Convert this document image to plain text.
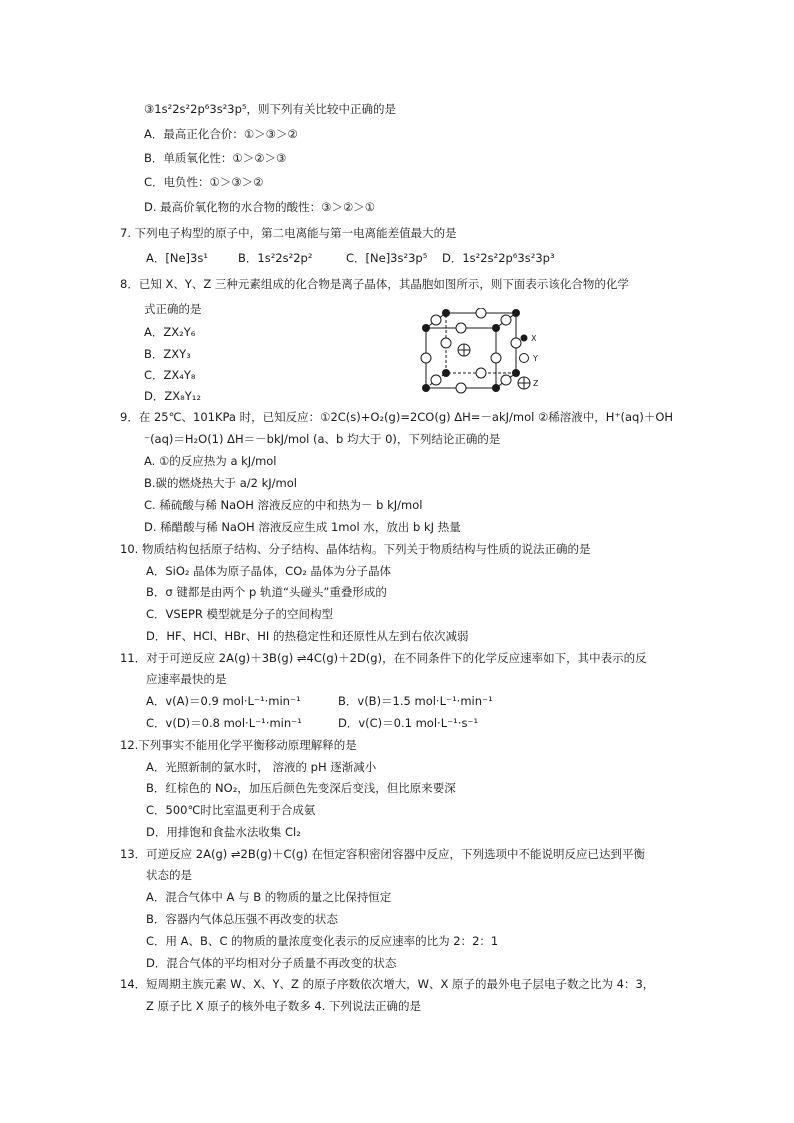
③1s²2s²2p⁶3s²3p⁵，则下列有关比较中正确的是
A．最高正化合价：①＞③＞②
B．单质氧化性：①＞②＞③
C．电负性：①＞③＞②
D. 最高价氧化物的水合物的酸性：③＞②＞①
7. 下列电子构型的原子中，第二电离能与第一电离能差值最大的是
A．[Ne]3s¹	B．1s²2s²2p²	C．[Ne]3s²3p⁵ D．1s²2s²2p⁶3s²3p³
8．已知 X、Y、Z 三种元素组成的化合物是离子晶体，其晶胞如图所示，则下面表示该化合物的化学
式正确的是
A．ZX₂Y₆
B．ZXY₃
C．ZX₄Y₈
D．ZX₈Y₁₂
X
Y
Z
9．在 25℃、101KPa 时，已知反应：①2C(s)+O₂(g)=2CO(g) ΔH=－akJ/mol ②稀溶液中，H⁺(aq)＋OH
⁻(aq)＝H₂O(1) ΔH＝－bkJ/mol (a、b 均大于 0)，下列结论正确的是
A. ①的反应热为 a kJ/mol
B.碳的燃烧热大于 a/2 kJ/mol
C. 稀硫酸与稀 NaOH 溶液反应的中和热为－ b kJ/mol
D. 稀醋酸与稀 NaOH 溶液反应生成 1mol 水，放出 b kJ 热量
10. 物质结构包括原子结构、分子结构、晶体结构。下列关于物质结构与性质的说法正确的是
A．SiO₂ 晶体为原子晶体，CO₂ 晶体为分子晶体
B．σ 键都是由两个 p 轨道“头碰头”重叠形成的
C．VSEPR 模型就是分子的空间构型
D．HF、HCl、HBr、HI 的热稳定性和还原性从左到右依次减弱
11．对于可逆反应 2A(g)＋3B(g) ⇌4C(g)＋2D(g)，在不同条件下的化学反应速率如下，其中表示的反
应速率最快的是
A．v(A)＝0.9 mol·L⁻¹·min⁻¹	B．v(B)＝1.5 mol·L⁻¹·min⁻¹
C．v(D)＝0.8 mol·L⁻¹·min⁻¹	D．v(C)＝0.1 mol·L⁻¹·s⁻¹
12.下列事实不能用化学平衡移动原理解释的是
A．光照新制的氯水时， 溶液的 pH 逐渐减小
B．红棕色的 NO₂，加压后颜色先变深后变浅，但比原来要深
C．500℃时比室温更利于合成氨
D．用排饱和食盐水法收集 Cl₂
13．可逆反应 2A(g) ⇌2B(g)＋C(g) 在恒定容积密闭容器中反应，下列选项中不能说明反应已达到平衡
状态的是
A．混合气体中 A 与 B 的物质的量之比保持恒定
B．容器内气体总压强不再改变的状态
C．用 A、B、C 的物质的量浓度变化表示的反应速率的比为 2：2：1
D．混合气体的平均相对分子质量不再改变的状态
14．短周期主族元素 W、X、Y、Z 的原子序数依次增大，W、X 原子的最外电子层电子数之比为 4：3，
Z 原子比 X 原子的核外电子数多 4. 下列说法正确的是
